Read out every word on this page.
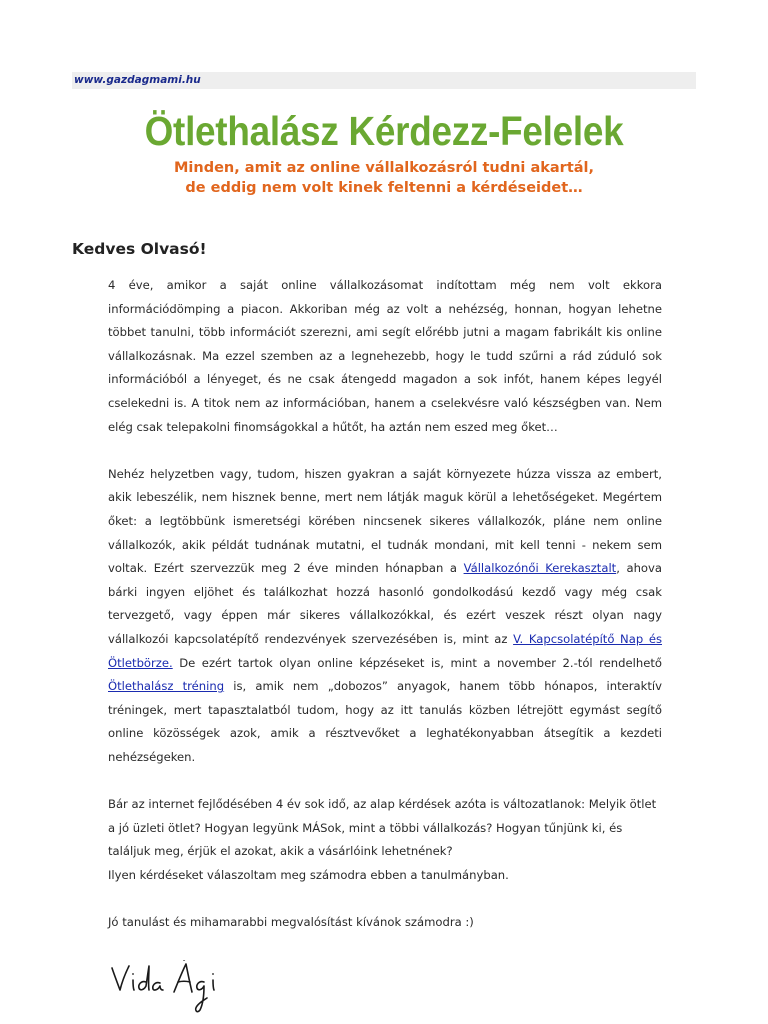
www.gazdagmami.hu
Ötlethalász Kérdezz-Felelek
Minden, amit az online vállalkozásról tudni akartál,
de eddig nem volt kinek feltenni a kérdéseidet…
Kedves Olvasó!

4 éve, amikor a saját online vállalkozásomat indítottam még nem volt ekkora információdömping a piacon. Akkoriban még az volt a nehézség, honnan, hogyan lehetne többet tanulni, több információt szerezni, ami segít előrébb jutni a magam fabrikált kis online vállalkozásnak. Ma ezzel szemben az a legnehezebb, hogy le tudd szűrni a rád zúduló sok információból a lényeget, és ne csak átengedd magadon a sok infót, hanem képes legyél cselekedni is. A titok nem az információban, hanem a cselekvésre való készségben van. Nem elég csak telepakolni finomságokkal a hűtőt, ha aztán nem eszed meg őket…

Nehéz helyzetben vagy, tudom, hiszen gyakran a saját környezete húzza vissza az embert, akik lebeszélik, nem hisznek benne, mert nem látják maguk körül a lehetőségeket. Megértem őket: a legtöbbünk ismeretségi körében nincsenek sikeres vállalkozók, pláne nem online vállalkozók, akik példát tudnának mutatni, el tudnák mondani, mit kell tenni - nekem sem voltak. Ezért szervezzük meg 2 éve minden hónapban a Vállalkozónői Kerekasztalt, ahova bárki ingyen eljöhet és találkozhat hozzá hasonló gondolkodású kezdő vagy még csak tervezgető, vagy éppen már sikeres vállalkozókkal, és ezért veszek részt olyan nagy vállalkozói kapcsolatépítő rendezvények szervezésében is, mint az V. Kapcsolatépítő Nap és Ötletbörze. De ezért tartok olyan online képzéseket is, mint a november 2.-tól rendelhető Ötlethalász tréning is, amik nem „dobozos” anyagok, hanem több hónapos, interaktív tréningek, mert tapasztalatból tudom, hogy az itt tanulás közben létrejött egymást segítő online közösségek azok, amik a résztvevőket a leghatékonyabban átsegítik a kezdeti nehézségeken.

Bár az internet fejlődésében 4 év sok idő, az alap kérdések azóta is változatlanok: Melyik ötlet a jó üzleti ötlet? Hogyan legyünk MÁSok, mint a többi vállalkozás? Hogyan tűnjünk ki, és találjuk meg, érjük el azokat, akik a vásárlóink lehetnének?
Ilyen kérdéseket válaszoltam meg számodra ebben a tanulmányban.

Jó tanulást és mihamarabbi megvalósítást kívánok számodra :)
